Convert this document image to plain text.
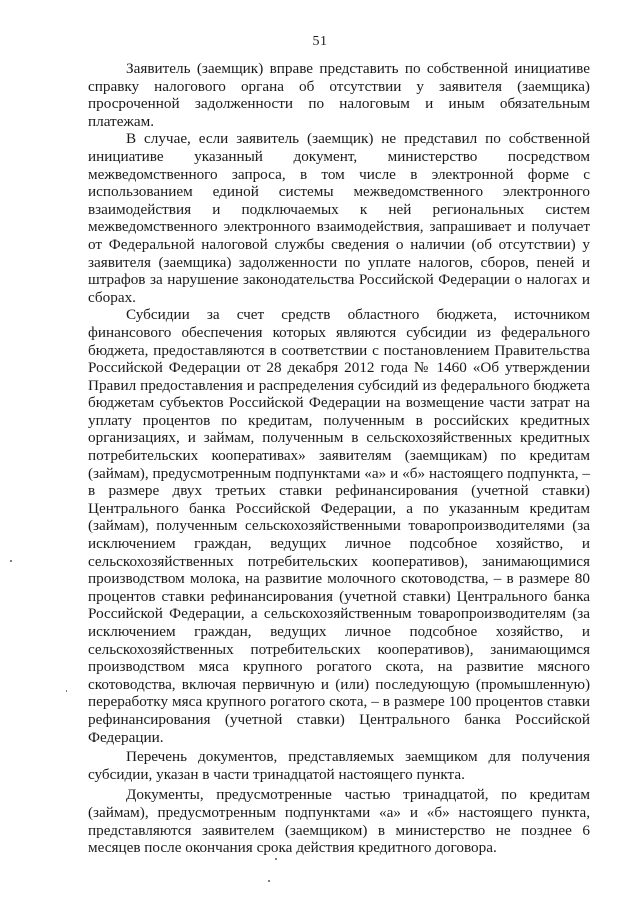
51

Заявитель (заемщик) вправе представить по собственной инициативе справку налогового органа об отсутствии у заявителя (заемщика) просроченной задолженности по налоговым и иным обязательным платежам.

В случае, если заявитель (заемщик) не представил по собственной инициативе указанный документ, министерство посредством межведомственного запроса, в том числе в электронной форме с использованием единой системы межведомственного электронного взаимодействия и подключаемых к ней региональных систем межведомственного электронного взаимодействия, запрашивает и получает от Федеральной налоговой службы сведения о наличии (об отсутствии) у заявителя (заемщика) задолженности по уплате налогов, сборов, пеней и штрафов за нарушение законодательства Российской Федерации о налогах и сборах.

Субсидии за счет средств областного бюджета, источником финансового обеспечения которых являются субсидии из федерального бюджета, предоставляются в соответствии с постановлением Правительства Российской Федерации от 28 декабря 2012 года № 1460 «Об утверждении Правил предоставления и распределения субсидий из федерального бюджета бюджетам субъектов Российской Федерации на возмещение части затрат на уплату процентов по кредитам, полученным в российских кредитных организациях, и займам, полученным в сельскохозяйственных кредитных потребительских кооперативах» заявителям (заемщикам) по кредитам (займам), предусмотренным подпунктами «а» и «б» настоящего подпункта, – в размере двух третьих ставки рефинансирования (учетной ставки) Центрального банка Российской Федерации, а по указанным кредитам (займам), полученным сельскохозяйственными товаропроизводителями (за исключением граждан, ведущих личное подсобное хозяйство, и сельскохозяйственных потребительских кооперативов), занимающимися производством молока, на развитие молочного скотоводства, – в размере 80 процентов ставки рефинансирования (учетной ставки) Центрального банка Российской Федерации, а сельскохозяйственным товаропроизводителям (за исключением граждан, ведущих личное подсобное хозяйство, и сельскохозяйственных потребительских кооперативов), занимающимся производством мяса крупного рогатого скота, на развитие мясного скотоводства, включая первичную и (или) последующую (промышленную) переработку мяса крупного рогатого скота, – в размере 100 процентов ставки рефинансирования (учетной ставки) Центрального банка Российской Федерации.

Перечень документов, представляемых заемщиком для получения субсидии, указан в части тринадцатой настоящего пункта.

Документы, предусмотренные частью тринадцатой, по кредитам (займам), предусмотренным подпунктами «а» и «б» настоящего пункта, представляются заявителем (заемщиком) в министерство не позднее 6 месяцев после окончания срока действия кредитного договора.
